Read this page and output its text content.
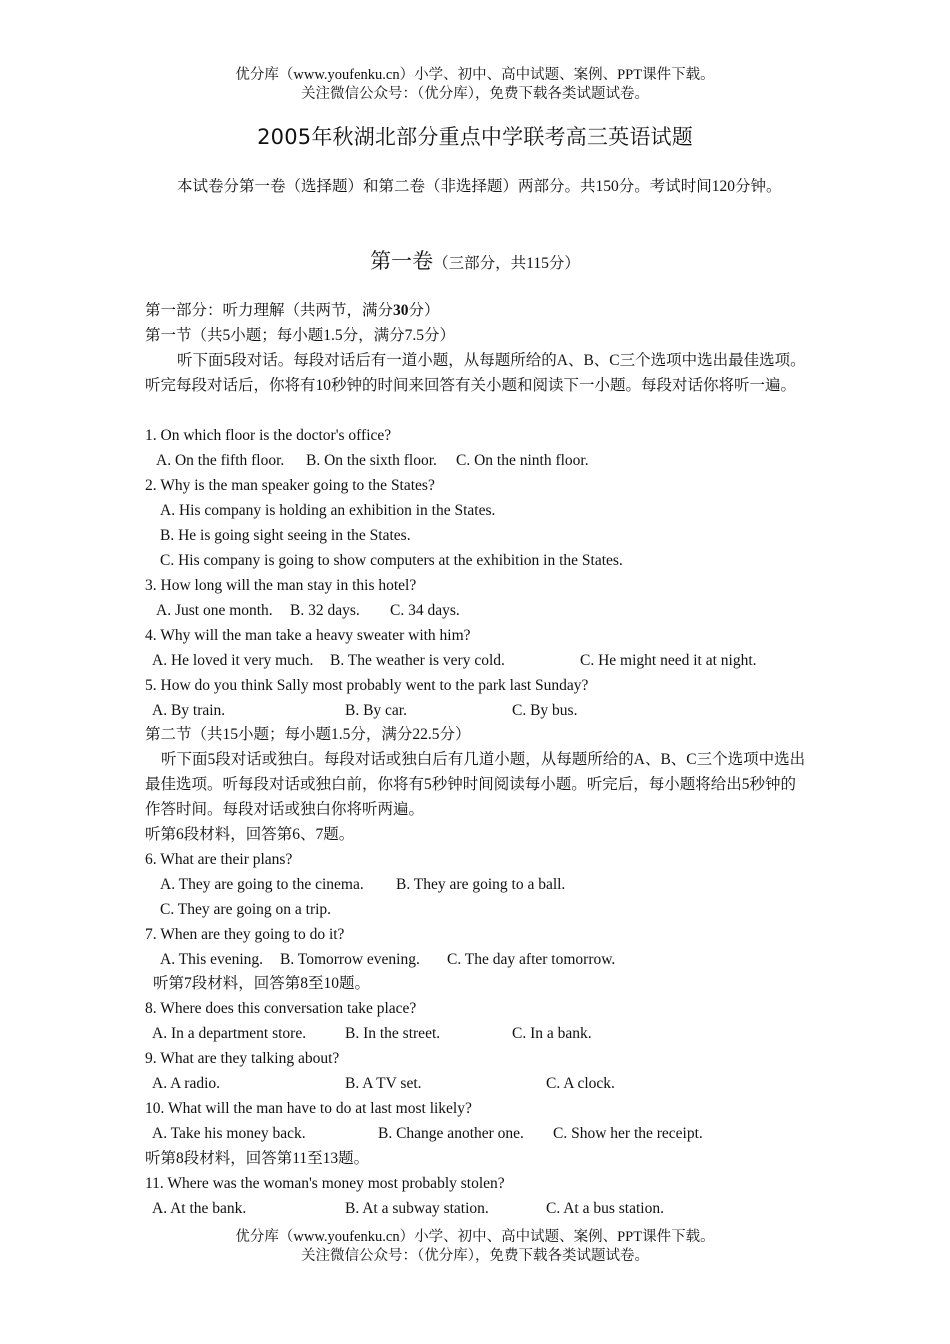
优分库（www.youfenku.cn）小学、初中、高中试题、案例、PPT课件下载。
关注微信公众号：（优分库），免费下载各类试题试卷。
2005年秋湖北部分重点中学联考高三英语试题
本试卷分第一卷（选择题）和第二卷（非选择题）两部分。共150分。考试时间120分钟。
第一卷（三部分，共115分）
第一部分：听力理解（共两节，满分30分）
第一节（共5小题；每小题1.5分，满分7.5分）
听下面5段对话。每段对话后有一道小题，从每题所给的A、B、C三个选项中选出最佳选项。听完每段对话后，你将有10秒钟的时间来回答有关小题和阅读下一小题。每段对话你将听一遍。
1. On which floor is the doctor's office?
A. On the fifth floor. B. On the sixth floor. C. On the ninth floor.
2. Why is the man speaker going to the States?
A. His company is holding an exhibition in the States.
B. He is going sight seeing in the States.
C. His company is going to show computers at the exhibition in the States.
3. How long will the man stay in this hotel?
A. Just one month. B. 32 days. C. 34 days.
4. Why will the man take a heavy sweater with him?
A. He loved it very much. B. The weather is very cold.	C. He might need it at night.
5. How do you think Sally most probably went to the park last Sunday?
A. By train.	B. By car.	C. By bus.
第二节（共15小题；每小题1.5分，满分22.5分）
听下面5段对话或独白。每段对话或独白后有几道小题，从每题所给的A、B、C三个选项中选出最佳选项。听每段对话或独白前，你将有5秒钟时间阅读每小题。听完后，每小题将给出5秒钟的作答时间。每段对话或独白你将听两遍。
听第6段材料，回答第6、7题。
6. What are their plans?
A. They are going to the cinema. B. They are going to a ball.
C. They are going on a trip.
7. When are they going to do it?
A. This evening. B. Tomorrow evening. C. The day after tomorrow.
听第7段材料，回答第8至10题。
8. Where does this conversation take place?
A. In a department store.	B. In the street.	C. In a bank.
9. What are they talking about?
A. A radio.	B. A TV set.	C. A clock.
10. What will the man have to do at last most likely?
A. Take his money back.	B. Change another one. C. Show her the receipt.
听第8段材料，回答第11至13题。
11. Where was the woman's money most probably stolen?
A. At the bank.	B. At a subway station.	C. At a bus station.
优分库（www.youfenku.cn）小学、初中、高中试题、案例、PPT课件下载。
关注微信公众号：（优分库），免费下载各类试题试卷。
